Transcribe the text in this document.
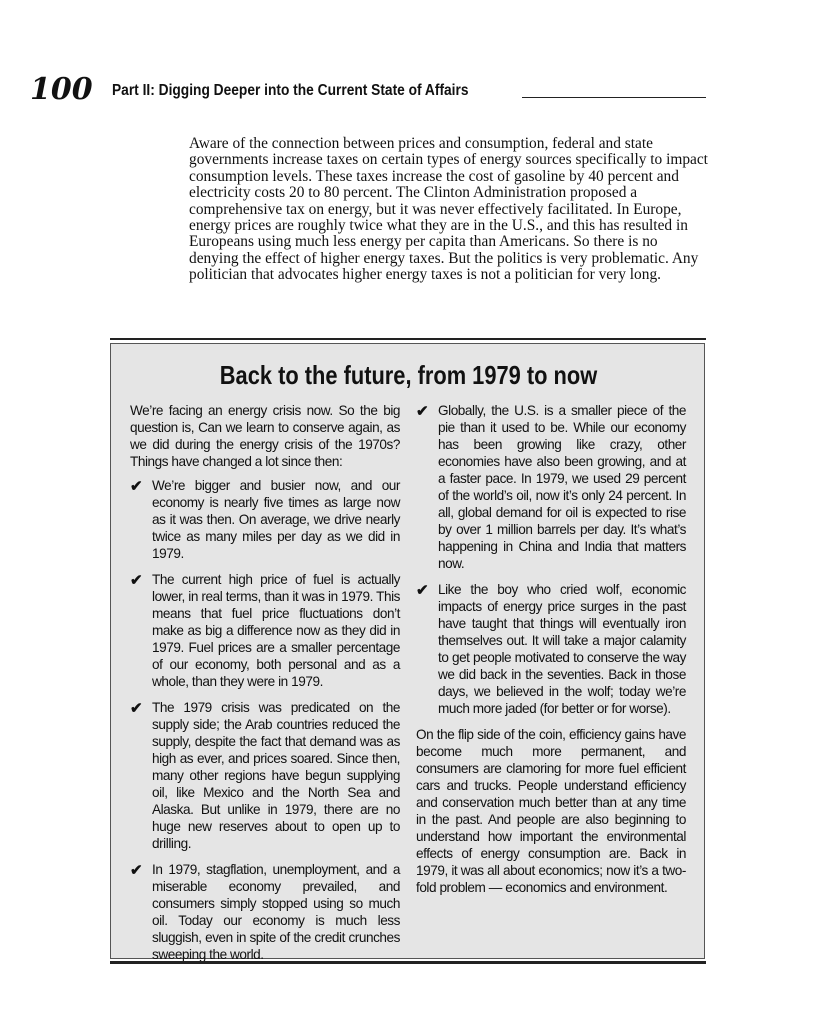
100 Part II: Digging Deeper into the Current State of Affairs

Aware of the connection between prices and consumption, federal and state governments increase taxes on certain types of energy sources specifically to impact consumption levels. These taxes increase the cost of gasoline by 40 percent and electricity costs 20 to 80 percent. The Clinton Administration proposed a comprehensive tax on energy, but it was never effectively facilitated. In Europe, energy prices are roughly twice what they are in the U.S., and this has resulted in Europeans using much less energy per capita than Americans. So there is no denying the effect of higher energy taxes. But the politics is very problematic. Any politician that advocates higher energy taxes is not a politician for very long.

Back to the future, from 1979 to now

We’re facing an energy crisis now. So the big question is, Can we learn to conserve again, as we did during the energy crisis of the 1970s? Things have changed a lot since then:

✔ We’re bigger and busier now, and our economy is nearly five times as large now as it was then. On average, we drive nearly twice as many miles per day as we did in 1979.
✔ The current high price of fuel is actually lower, in real terms, than it was in 1979. This means that fuel price fluctuations don’t make as big a difference now as they did in 1979. Fuel prices are a smaller percentage of our economy, both personal and as a whole, than they were in 1979.
✔ The 1979 crisis was predicated on the supply side; the Arab countries reduced the supply, despite the fact that demand was as high as ever, and prices soared. Since then, many other regions have begun supplying oil, like Mexico and the North Sea and Alaska. But unlike in 1979, there are no huge new reserves about to open up to drilling.
✔ In 1979, stagflation, unemployment, and a miserable economy prevailed, and consumers simply stopped using so much oil. Today our economy is much less sluggish, even in spite of the credit crunches sweeping the world.
✔ Globally, the U.S. is a smaller piece of the pie than it used to be. While our economy has been growing like crazy, other economies have also been growing, and at a faster pace. In 1979, we used 29 percent of the world’s oil, now it’s only 24 percent. In all, global demand for oil is expected to rise by over 1 million barrels per day. It’s what’s happening in China and India that matters now.
✔ Like the boy who cried wolf, economic impacts of energy price surges in the past have taught that things will eventually iron themselves out. It will take a major calamity to get people motivated to conserve the way we did back in the seventies. Back in those days, we believed in the wolf; today we’re much more jaded (for better or for worse).

On the flip side of the coin, efficiency gains have become much more permanent, and consumers are clamoring for more fuel efficient cars and trucks. People understand efficiency and conservation much better than at any time in the past. And people are also beginning to understand how important the environmental effects of energy consumption are. Back in 1979, it was all about economics; now it’s a two-fold problem — economics and environment.
